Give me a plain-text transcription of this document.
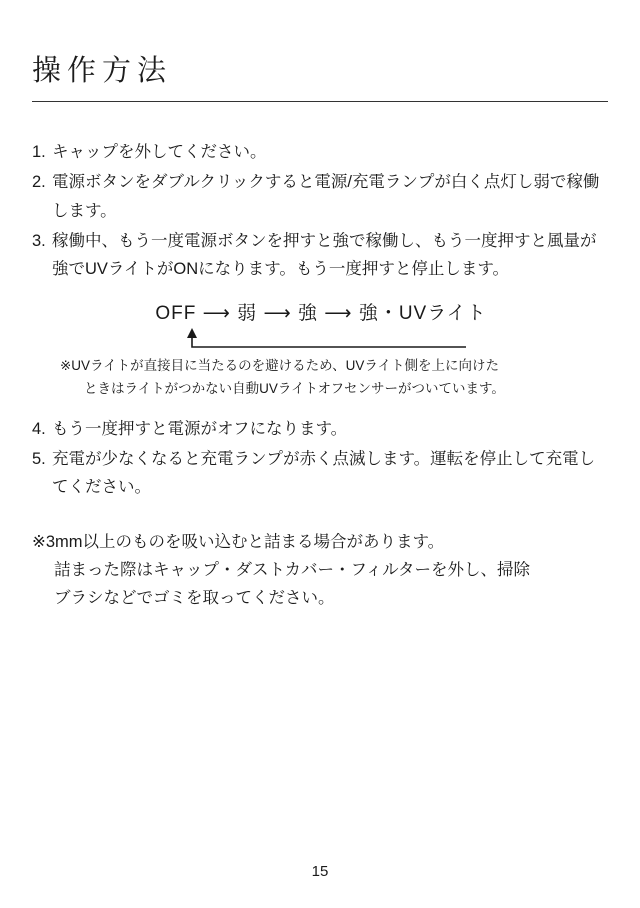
操作方法

1. キャップを外してください。

2. 電源ボタンをダブルクリックすると電源/充電ランプが白く点灯し弱で稼働します。

3. 稼働中、もう一度電源ボタンを押すと強で稼働し、もう一度押すと風量が強でUVライトがONになります。もう一度押すと停止します。

OFF ⟶ 弱 ⟶ 強 ⟶ 強・UVライト

※UVライトが直接目に当たるのを避けるため、UVライト側を上に向けた

ときはライトがつかない自動UVライトオフセンサーがついています。

4. もう一度押すと電源がオフになります。

5. 充電が少なくなると充電ランプが赤く点滅します。運転を停止して充電してください。

※3mm以上のものを吸い込むと詰まる場合があります。

詰まった際はキャップ・ダストカバー・フィルターを外し、掃除

ブラシなどでゴミを取ってください。

15
